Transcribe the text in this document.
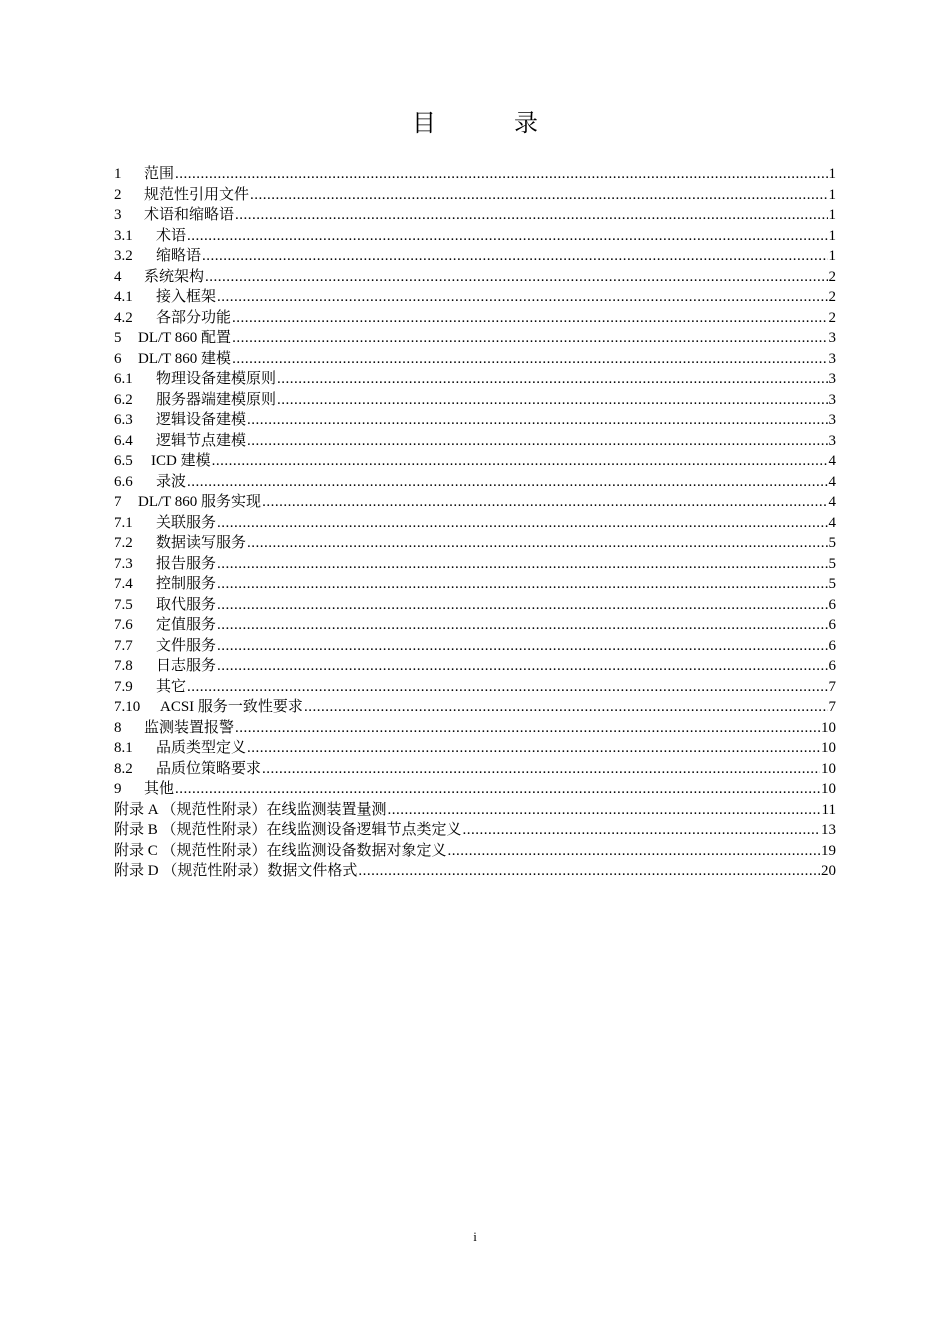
目 录
1	范围 .....	1
2	规范性引用文件 .....	1
3	术语和缩略语 .....	1
3.1	术语 .....	1
3.2	缩略语 .....	1
4	系统架构 .....	2
4.1	接入框架 .....	2
4.2	各部分功能 .....	2
5	DL/T 860 配置 .....	3
6	DL/T 860 建模 .....	3
6.1	物理设备建模原则 .....	3
6.2	服务器端建模原则 .....	3
6.3	逻辑设备建模 .....	3
6.4	逻辑节点建模 .....	3
6.5	ICD 建模 .....	4
6.6	录波 .....	4
7	DL/T 860 服务实现 .....	4
7.1	关联服务 .....	4
7.2	数据读写服务 .....	5
7.3	报告服务 .....	5
7.4	控制服务 .....	5
7.5	取代服务 .....	6
7.6	定值服务 .....	6
7.7	文件服务 .....	6
7.8	日志服务 .....	6
7.9	其它 .....	7
7.10	ACSI 服务一致性要求 .....	7
8	监测装置报警 .....	10
8.1	品质类型定义 .....	10
8.2	品质位策略要求 .....	10
9	其他 .....	10
附录 A （规范性附录）在线监测装置量测 .....	11
附录 B （规范性附录）在线监测设备逻辑节点类定义 .....	13
附录 C （规范性附录）在线监测设备数据对象定义 .....	19
附录 D （规范性附录）数据文件格式 .....	20
i
